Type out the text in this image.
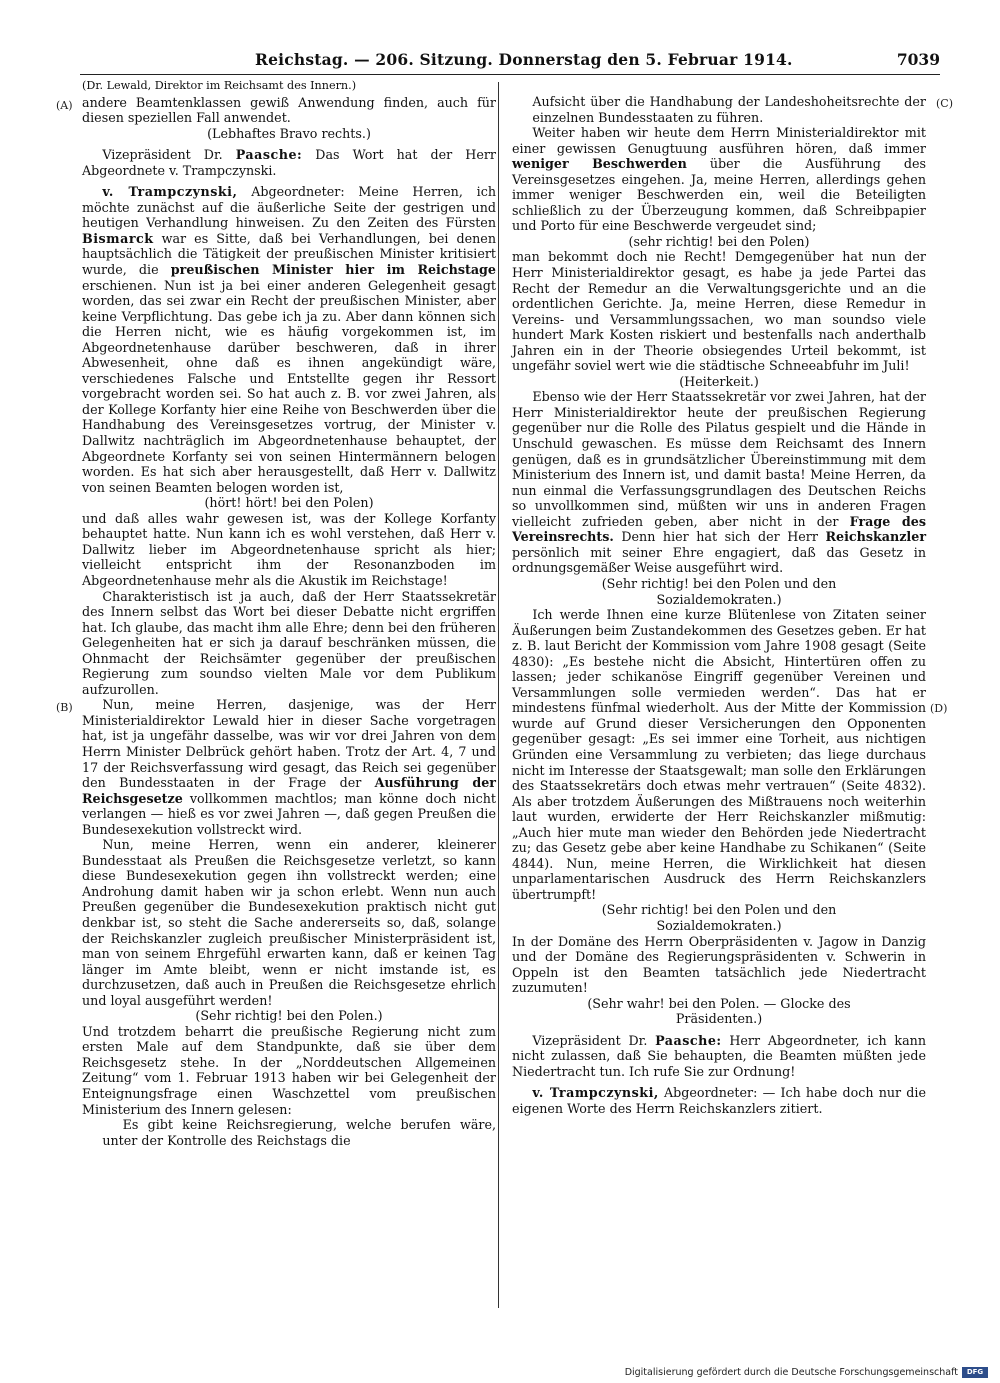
Reichstag. — 206. Sitzung. Donnerstag den 5. Februar 1914.	7039
(A)
(B)
(C)
(D)

(Dr. Lewald, Direktor im Reichsamt des Innern.)

andere Beamtenklassen gewiß Anwendung finden, auch für diesen speziellen Fall anwendet.

(Lebhaftes Bravo rechts.)

Vizepräsident Dr. Paasche: Das Wort hat der Herr Abgeordnete v. Trampczynski.

v. Trampczynski, Abgeordneter: Meine Herren, ich möchte zunächst auf die äußerliche Seite der gestrigen und heutigen Verhandlung hinweisen. Zu den Zeiten des Fürsten Bismarck war es Sitte, daß bei Verhandlungen, bei denen hauptsächlich die Tätigkeit der preußischen Minister kritisiert wurde, die preußischen Minister hier im Reichstage erschienen. Nun ist ja bei einer anderen Gelegenheit gesagt worden, das sei zwar ein Recht der preußischen Minister, aber keine Verpflichtung. Das gebe ich ja zu. Aber dann können sich die Herren nicht, wie es häufig vorgekommen ist, im Abgeordnetenhause darüber beschweren, daß in ihrer Abwesenheit, ohne daß es ihnen angekündigt wäre, verschiedenes Falsche und Entstellte gegen ihr Ressort vorgebracht worden sei. So hat auch z. B. vor zwei Jahren, als der Kollege Korfanty hier eine Reihe von Beschwerden über die Handhabung des Vereinsgesetzes vortrug, der Minister v. Dallwitz nachträglich im Abgeordnetenhause behauptet, der Abgeordnete Korfanty sei von seinen Hintermännern belogen worden. Es hat sich aber herausgestellt, daß Herr v. Dallwitz von seinen Beamten belogen worden ist,

(hört! hört! bei den Polen)

und daß alles wahr gewesen ist, was der Kollege Korfanty behauptet hatte. Nun kann ich es wohl verstehen, daß Herr v. Dallwitz lieber im Abgeordnetenhause spricht als hier; vielleicht entspricht ihm der Resonanzboden im Abgeordnetenhause mehr als die Akustik im Reichstage!

Charakteristisch ist ja auch, daß der Herr Staatssekretär des Innern selbst das Wort bei dieser Debatte nicht ergriffen hat. Ich glaube, das macht ihm alle Ehre; denn bei den früheren Gelegenheiten hat er sich ja darauf beschränken müssen, die Ohnmacht der Reichsämter gegenüber der preußischen Regierung zum soundso vielten Male vor dem Publikum aufzurollen.

Nun, meine Herren, dasjenige, was der Herr Ministerialdirektor Lewald hier in dieser Sache vorgetragen hat, ist ja ungefähr dasselbe, was wir vor drei Jahren von dem Herrn Minister Delbrück gehört haben. Trotz der Art. 4, 7 und 17 der Reichsverfassung wird gesagt, das Reich sei gegenüber den Bundesstaaten in der Frage der Ausführung der Reichsgesetze vollkommen machtlos; man könne doch nicht verlangen — hieß es vor zwei Jahren —, daß gegen Preußen die Bundesexekution vollstreckt wird.

Nun, meine Herren, wenn ein anderer, kleinerer Bundesstaat als Preußen die Reichsgesetze verletzt, so kann diese Bundesexekution gegen ihn vollstreckt werden; eine Androhung damit haben wir ja schon erlebt. Wenn nun auch Preußen gegenüber die Bundesexekution praktisch nicht gut denkbar ist, so steht die Sache andererseits so, daß, solange der Reichskanzler zugleich preußischer Ministerpräsident ist, man von seinem Ehrgefühl erwarten kann, daß er keinen Tag länger im Amte bleibt, wenn er nicht imstande ist, es durchzusetzen, daß auch in Preußen die Reichsgesetze ehrlich und loyal ausgeführt werden!

(Sehr richtig! bei den Polen.)

Und trotzdem beharrt die preußische Regierung nicht zum ersten Male auf dem Standpunkte, daß sie über dem Reichsgesetz stehe. In der „Norddeutschen Allgemeinen Zeitung“ vom 1. Februar 1913 haben wir bei Gelegenheit der Enteignungsfrage einen Waschzettel vom preußischen Ministerium des Innern gelesen:

Es gibt keine Reichsregierung, welche berufen wäre, unter der Kontrolle des Reichstags die

Aufsicht über die Handhabung der Landeshoheitsrechte der einzelnen Bundesstaaten zu führen.

Weiter haben wir heute dem Herrn Ministerialdirektor mit einer gewissen Genugtuung ausführen hören, daß immer weniger Beschwerden über die Ausführung des Vereinsgesetzes eingehen. Ja, meine Herren, allerdings gehen immer weniger Beschwerden ein, weil die Beteiligten schließlich zu der Überzeugung kommen, daß Schreibpapier und Porto für eine Beschwerde vergeudet sind;

(sehr richtig! bei den Polen)

man bekommt doch nie Recht! Demgegenüber hat nun der Herr Ministerialdirektor gesagt, es habe ja jede Partei das Recht der Remedur an die Verwaltungsgerichte und an die ordentlichen Gerichte. Ja, meine Herren, diese Remedur in Vereins- und Versammlungssachen, wo man soundso viele hundert Mark Kosten riskiert und bestenfalls nach anderthalb Jahren ein in der Theorie obsiegendes Urteil bekommt, ist ungefähr soviel wert wie die städtische Schneeabfuhr im Juli!

(Heiterkeit.)

Ebenso wie der Herr Staatssekretär vor zwei Jahren, hat der Herr Ministerialdirektor heute der preußischen Regierung gegenüber nur die Rolle des Pilatus gespielt und die Hände in Unschuld gewaschen. Es müsse dem Reichsamt des Innern genügen, daß es in grundsätzlicher Übereinstimmung mit dem Ministerium des Innern ist, und damit basta! Meine Herren, da nun einmal die Verfassungsgrundlagen des Deutschen Reichs so unvollkommen sind, müßten wir uns in anderen Fragen vielleicht zufrieden geben, aber nicht in der Frage des Vereinsrechts. Denn hier hat sich der Herr Reichskanzler persönlich mit seiner Ehre engagiert, daß das Gesetz in ordnungsgemäßer Weise ausgeführt wird.

(Sehr richtig! bei den Polen und den Sozialdemokraten.)

Ich werde Ihnen eine kurze Blütenlese von Zitaten seiner Äußerungen beim Zustandekommen des Gesetzes geben. Er hat z. B. laut Bericht der Kommission vom Jahre 1908 gesagt (Seite 4830): „Es bestehe nicht die Absicht, Hintertüren offen zu lassen; jeder schikanöse Eingriff gegenüber Vereinen und Versammlungen solle vermieden werden“. Das hat er mindestens fünfmal wiederholt. Aus der Mitte der Kommission wurde auf Grund dieser Versicherungen den Opponenten gegenüber gesagt: „Es sei immer eine Torheit, aus nichtigen Gründen eine Versammlung zu verbieten; das liege durchaus nicht im Interesse der Staatsgewalt; man solle den Erklärungen des Staatssekretärs doch etwas mehr vertrauen“ (Seite 4832). Als aber trotzdem Äußerungen des Mißtrauens noch weiterhin laut wurden, erwiderte der Herr Reichskanzler mißmutig: „Auch hier mute man wieder den Behörden jede Niedertracht zu; das Gesetz gebe aber keine Handhabe zu Schikanen“ (Seite 4844). Nun, meine Herren, die Wirklichkeit hat diesen unparlamentarischen Ausdruck des Herrn Reichskanzlers übertrumpft!

(Sehr richtig! bei den Polen und den Sozialdemokraten.)

In der Domäne des Herrn Oberpräsidenten v. Jagow in Danzig und der Domäne des Regierungspräsidenten v. Schwerin in Oppeln ist den Beamten tatsächlich jede Niedertracht zuzumuten!

(Sehr wahr! bei den Polen. — Glocke des Präsidenten.)

Vizepräsident Dr. Paasche: Herr Abgeordneter, ich kann nicht zulassen, daß Sie behaupten, die Beamten müßten jede Niedertracht tun. Ich rufe Sie zur Ordnung!

v. Trampczynski, Abgeordneter: — Ich habe doch nur die eigenen Worte des Herrn Reichskanzlers zitiert.

Digitalisierung gefördert durch die Deutsche Forschungsgemeinschaft	DFG
